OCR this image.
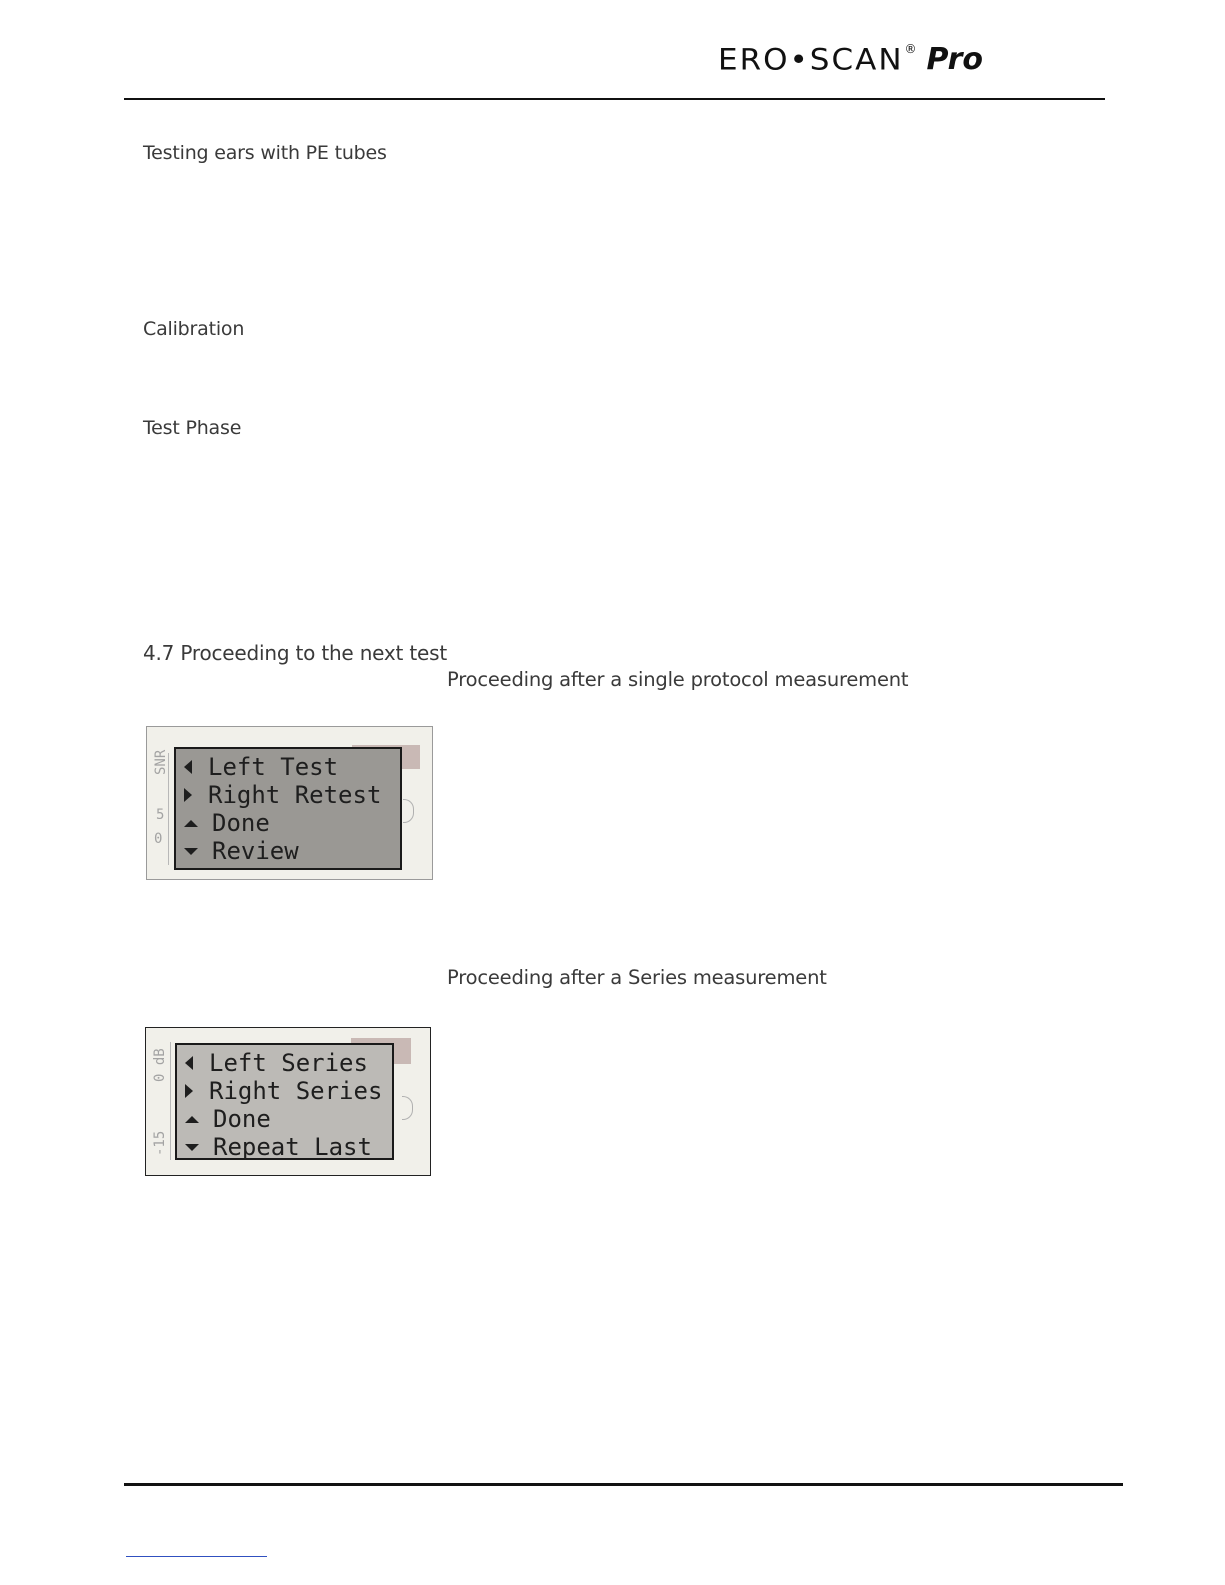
ERO•SCAN ® Pro
Testing ears with PE tubes
Calibration
Test Phase
4.7 Proceeding to the next test
Proceeding after a single protocol measurement
Proceeding after a Series measurement
SNR
5
0
Left Test
Right Retest
Done
Review
0 dB
-15
Left Series
Right Series
Done
Repeat Last
